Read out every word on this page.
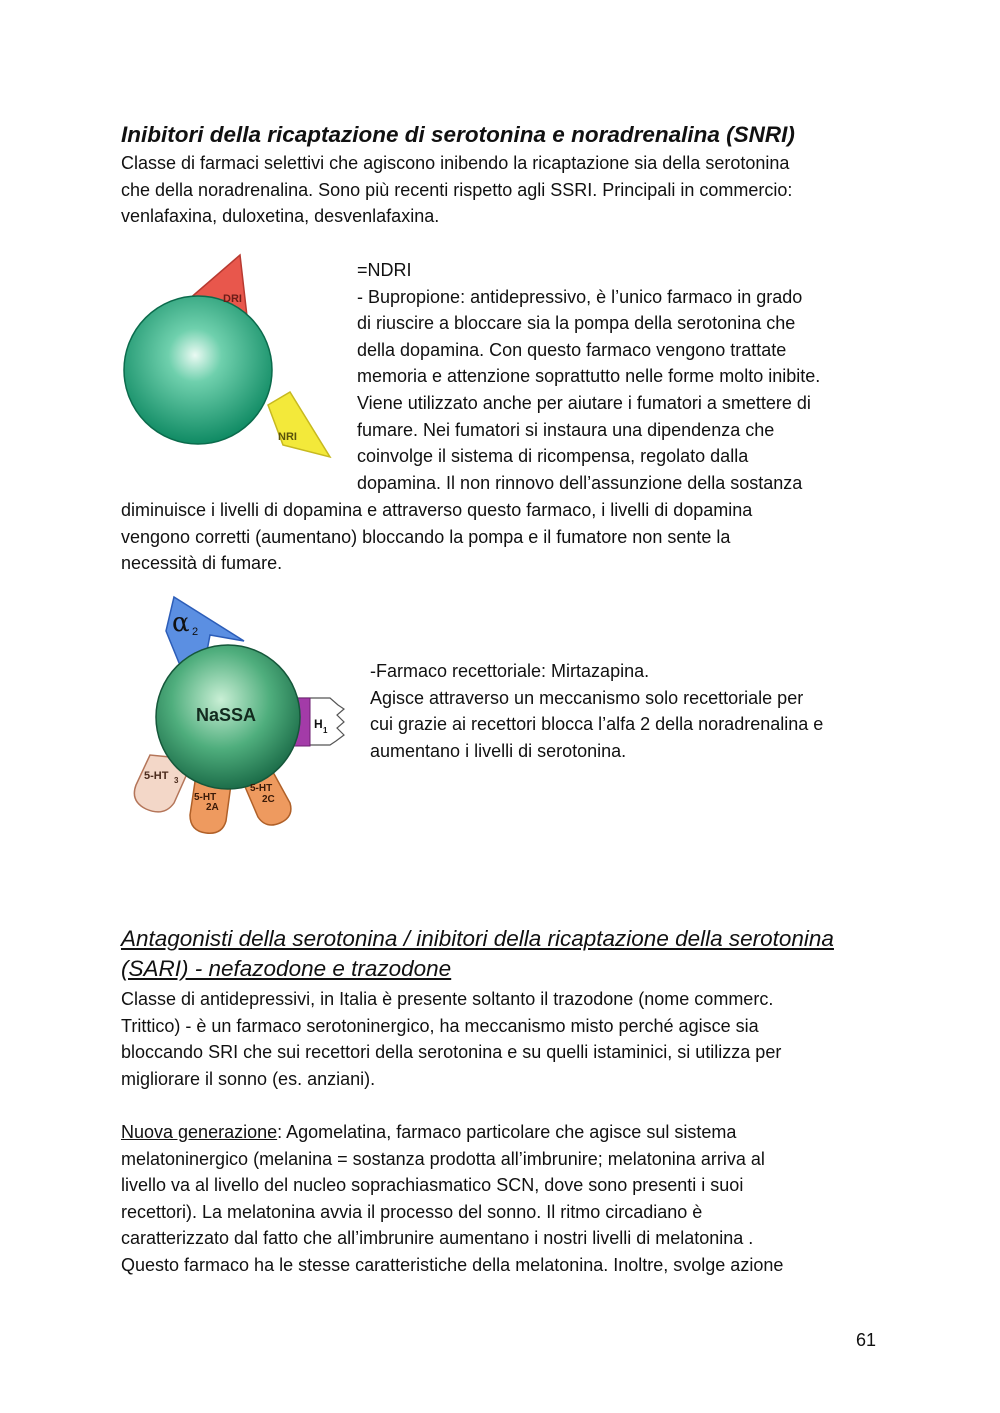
Inibitori della ricaptazione di serotonina e noradrenalina (SNRI)
Classe di farmaci selettivi che agiscono inibendo la ricaptazione sia della serotonina
che della noradrenalina. Sono più recenti rispetto agli SSRI. Principali in commercio:
venlafaxina, duloxetina, desvenlafaxina.
DRI
NRI
=NDRI
- Bupropione: antidepressivo, è l’unico farmaco in grado
di riuscire a bloccare sia la pompa della serotonina che
della dopamina. Con questo farmaco vengono trattate
memoria e attenzione soprattutto nelle forme molto inibite.
Viene utilizzato anche per aiutare i fumatori a smettere di
fumare. Nei fumatori si instaura una dipendenza che
coinvolge il sistema di ricompensa, regolato dalla
dopamina. Il non rinnovo dell’assunzione della sostanza
diminuisce i livelli di dopamina e attraverso questo farmaco, i livelli di dopamina
vengono corretti (aumentano) bloccando la pompa e il fumatore non sente la
necessità di fumare.
NaSSA
α 2
H 1
5-HT 3
5-HT
2A
5-HT
2C
-Farmaco recettoriale: Mirtazapina.
Agisce attraverso un meccanismo solo recettoriale per
cui grazie ai recettori blocca l’alfa 2 della noradrenalina e
aumentano i livelli di serotonina.
Antagonisti della serotonina / inibitori della ricaptazione della serotonina
(SARI) - nefazodone e trazodone
Classe di antidepressivi, in Italia è presente soltanto il trazodone (nome commerc.
Trittico) - è un farmaco serotoninergico, ha meccanismo misto perché agisce sia
bloccando SRI che sui recettori della serotonina e su quelli istaminici, si utilizza per
migliorare il sonno (es. anziani).
Nuova generazione: Agomelatina, farmaco particolare che agisce sul sistema
melatoninergico (melanina = sostanza prodotta all’imbrunire; melatonina arriva al
livello va al livello del nucleo soprachiasmatico SCN, dove sono presenti i suoi
recettori). La melatonina avvia il processo del sonno. Il ritmo circadiano è
caratterizzato dal fatto che all’imbrunire aumentano i nostri livelli di melatonina .
Questo farmaco ha le stesse caratteristiche della melatonina. Inoltre, svolge azione
61
